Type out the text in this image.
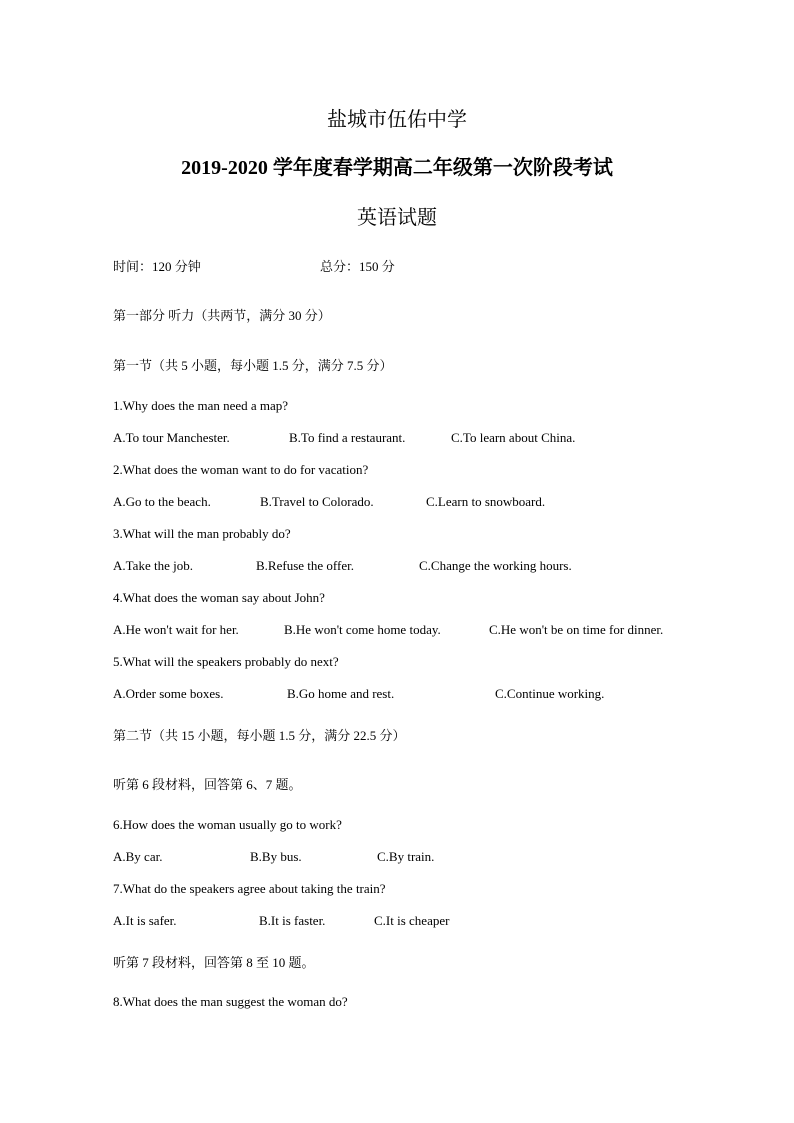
盐城市伍佑中学
2019-2020 学年度春学期高二年级第一次阶段考试
英语试题
时间：120 分钟	总分：150 分
第一部分 听力（共两节，满分 30 分）
第一节（共 5 小题，每小题 1.5 分，满分 7.5 分）
1.Why does the man need a map?
A.To tour Manchester.	B.To find a restaurant.	C.To learn about China.
2.What does the woman want to do for vacation?
A.Go to the beach.	B.Travel to Colorado.	C.Learn to snowboard.
3.What will the man probably do?
A.Take the job.	B.Refuse the offer.	C.Change the working hours.
4.What does the woman say about John?
A.He won't wait for her.	B.He won't come home today.	C.He won't be on time for dinner.
5.What will the speakers probably do next?
A.Order some boxes.	B.Go home and rest.	C.Continue working.
第二节（共 15 小题，每小题 1.5 分，满分 22.5 分）
听第 6 段材料，回答第 6、7 题。
6.How does the woman usually go to work?
A.By car.	B.By bus.	C.By train.
7.What do the speakers agree about taking the train?
A.It is safer.	B.It is faster.	C.It is cheaper
听第 7 段材料，回答第 8 至 10 题。
8.What does the man suggest the woman do?
